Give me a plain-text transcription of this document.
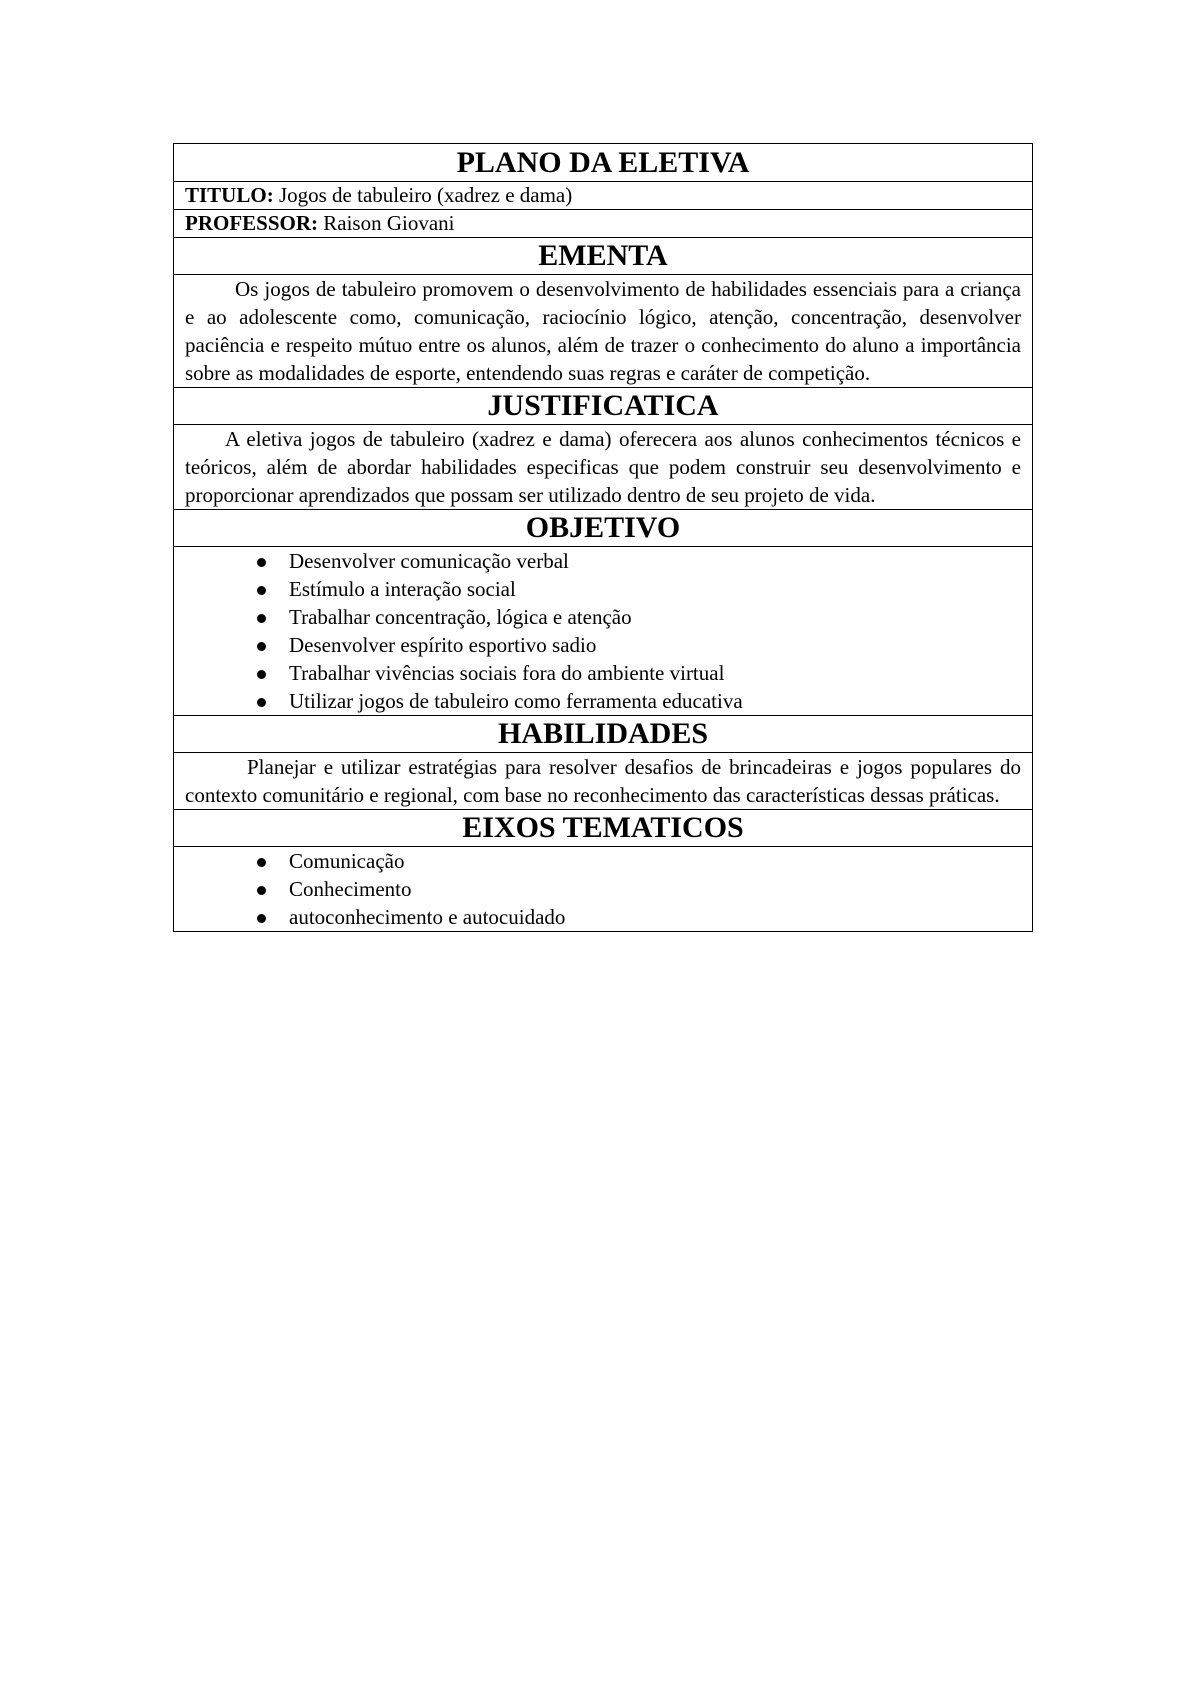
PLANO DA ELETIVA
TITULO: Jogos de tabuleiro (xadrez e dama)
PROFESSOR: Raison Giovani
EMENTA

Os jogos de tabuleiro promovem o desenvolvimento de habilidades essenciais para a criança e ao adolescente como, comunicação, raciocínio lógico, atenção, concentração, desenvolver paciência e respeito mútuo entre os alunos, além de trazer o conhecimento do aluno a importância sobre as modalidades de esporte, entendendo suas regras e caráter de competição.

JUSTIFICATICA

A eletiva jogos de tabuleiro (xadrez e dama) oferecera aos alunos conhecimentos técnicos e teóricos, além de abordar habilidades especificas que podem construir seu desenvolvimento e proporcionar aprendizados que possam ser utilizado dentro de seu projeto de vida.

OBJETIVO

Desenvolver comunicação verbal
Estímulo a interação social
Trabalhar concentração, lógica e atenção
Desenvolver espírito esportivo sadio
Trabalhar vivências sociais fora do ambiente virtual
Utilizar jogos de tabuleiro como ferramenta educativa

HABILIDADES

Planejar e utilizar estratégias para resolver desafios de brincadeiras e jogos populares do contexto comunitário e regional, com base no reconhecimento das características dessas práticas.

EIXOS TEMATICOS

Comunicação
Conhecimento
autoconhecimento e autocuidado
